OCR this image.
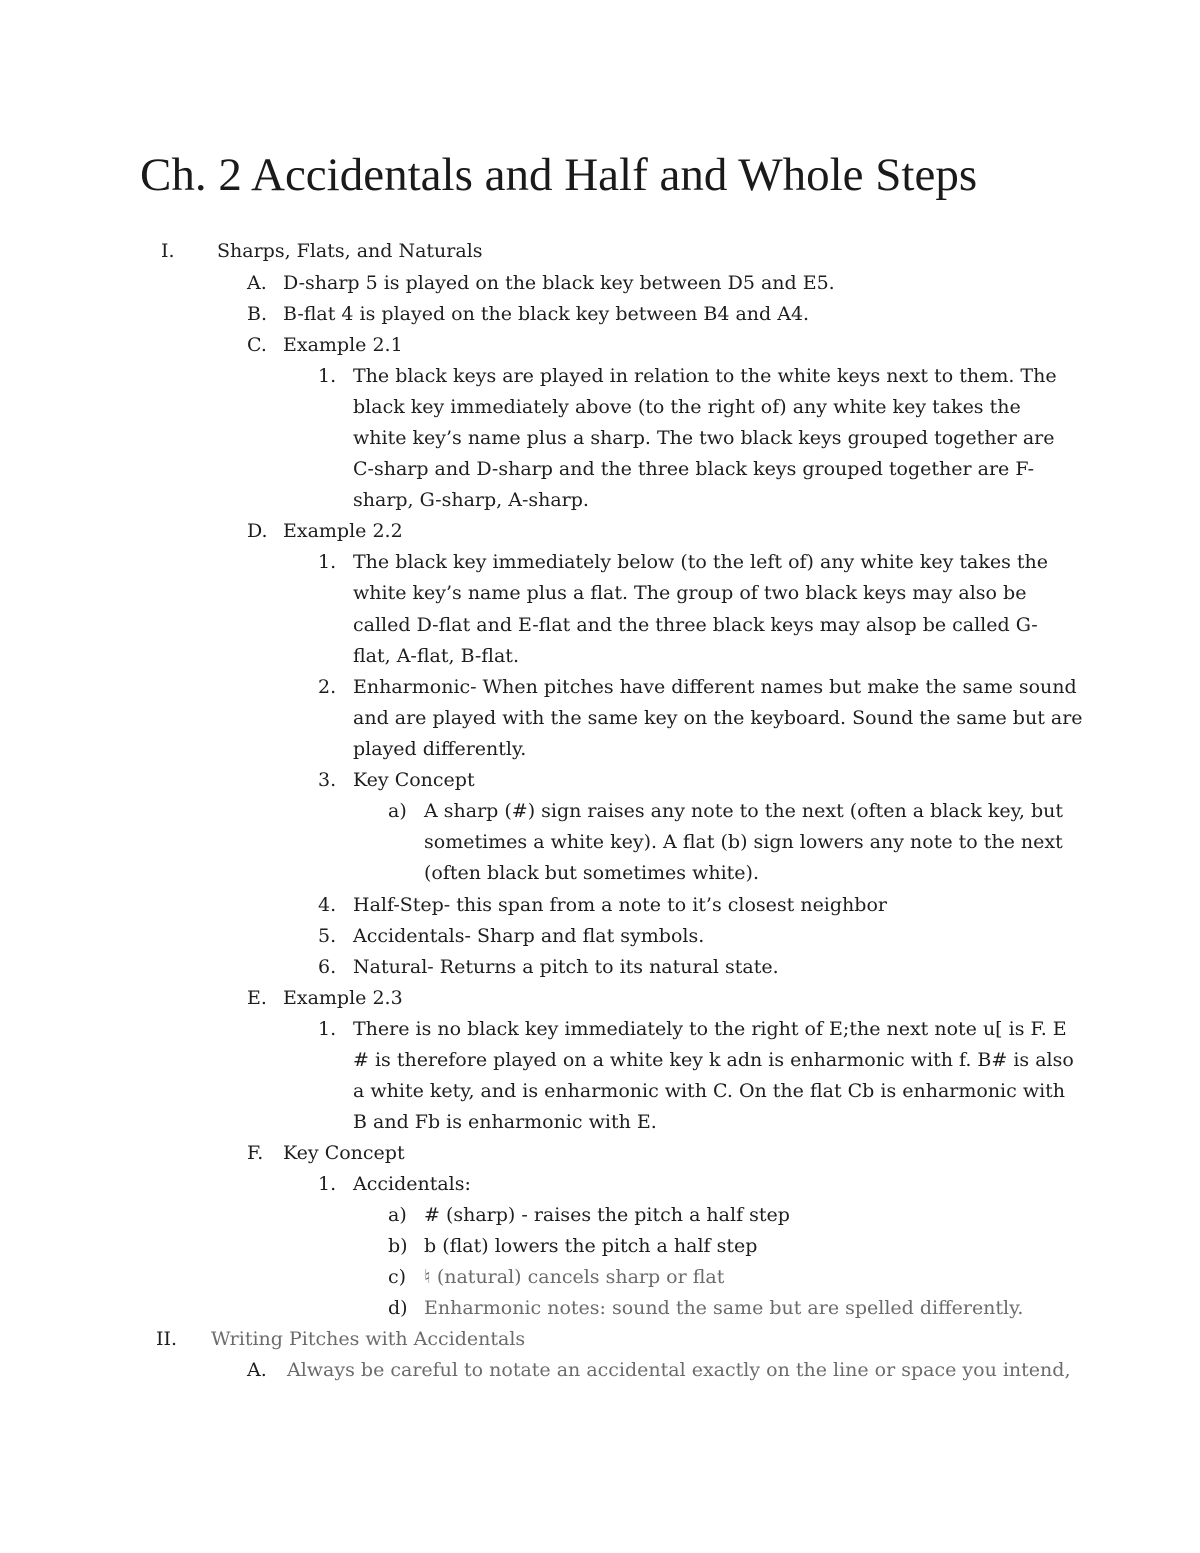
Ch. 2 Accidentals and Half and Whole Steps
I. Sharps, Flats, and Naturals
A. D-sharp 5 is played on the black key between D5 and E5.
B. B-flat 4 is played on the black key between B4 and A4.
C. Example 2.1
1. The black keys are played in relation to the white keys next to them. The
black key immediately above (to the right of) any white key takes the
white key’s name plus a sharp. The two black keys grouped together are
C-sharp and D-sharp and the three black keys grouped together are F-
sharp, G-sharp, A-sharp.
D. Example 2.2
1. The black key immediately below (to the left of) any white key takes the
white key’s name plus a flat. The group of two black keys may also be
called D-flat and E-flat and the three black keys may alsop be called G-
flat, A-flat, B-flat.
2. Enharmonic- When pitches have different names but make the same sound
and are played with the same key on the keyboard. Sound the same but are
played differently.
3. Key Concept
a) A sharp (#) sign raises any note to the next (often a black key, but
sometimes a white key). A flat (b) sign lowers any note to the next
(often black but sometimes white).
4. Half-Step- this span from a note to it’s closest neighbor
5. Accidentals- Sharp and flat symbols.
6. Natural- Returns a pitch to its natural state.
E. Example 2.3
1. There is no black key immediately to the right of E;the next note u[ is F. E
# is therefore played on a white key k adn is enharmonic with f. B# is also
a white kety, and is enharmonic with C. On the flat Cb is enharmonic with
B and Fb is enharmonic with E.
F. Key Concept
1. Accidentals:
a) # (sharp) - raises the pitch a half step
b) b (flat) lowers the pitch a half step
c) ♮ (natural) cancels sharp or flat
d) Enharmonic notes: sound the same but are spelled differently.
II. Writing Pitches with Accidentals
A. Always be careful to notate an accidental exactly on the line or space you intend,
